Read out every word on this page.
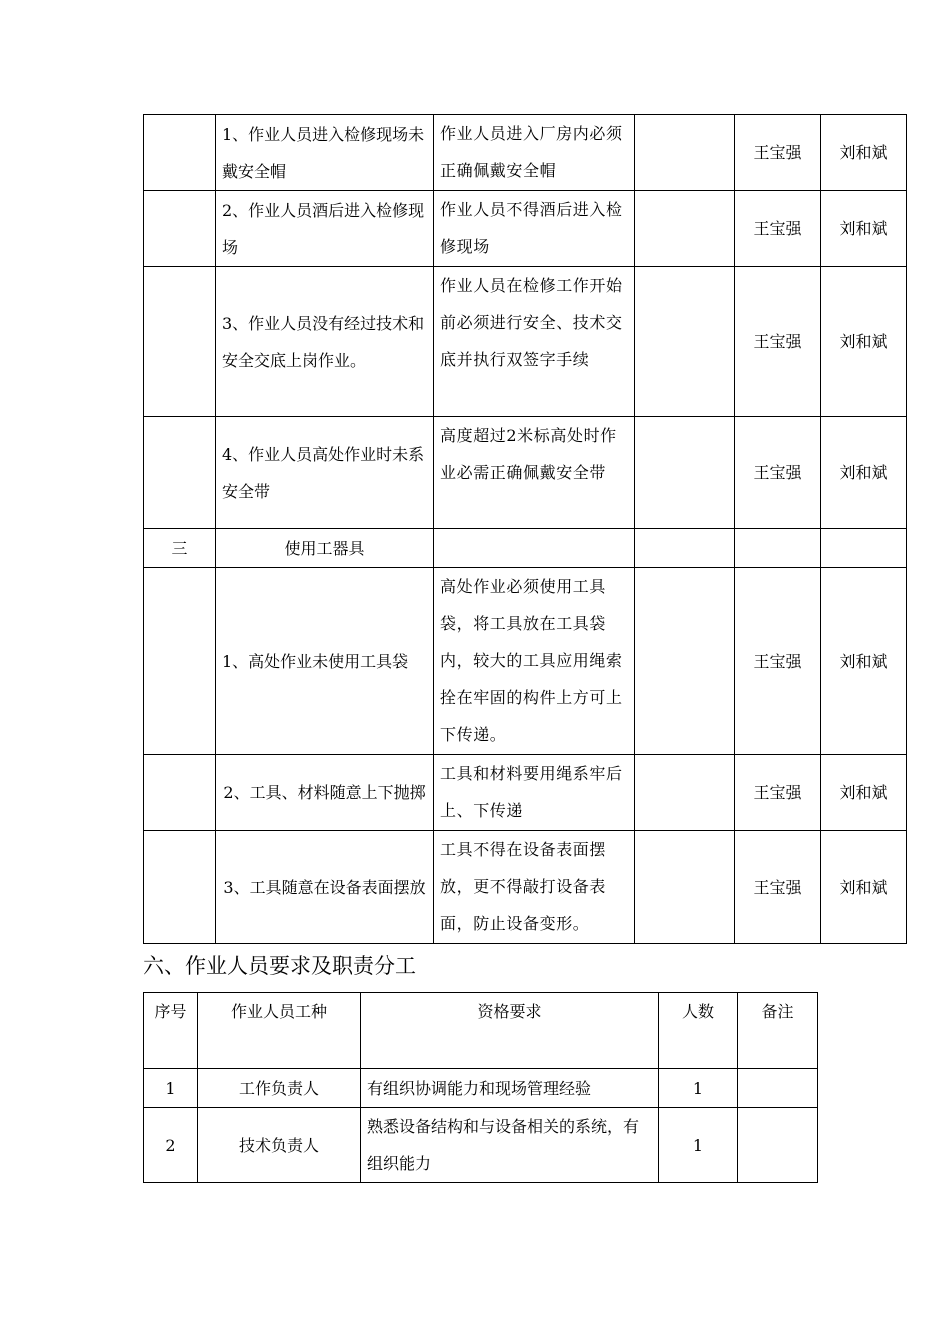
	1、作业人员进入检修现场未戴安全帽	作业人员进入厂房内必须正确佩戴安全帽		王宝强	刘和斌
	2、作业人员酒后进入检修现场	作业人员不得酒后进入检修现场		王宝强	刘和斌
	3、作业人员没有经过技术和安全交底上岗作业。	作业人员在检修工作开始前必须进行安全、技术交底并执行双签字手续		王宝强	刘和斌
	4、作业人员高处作业时未系安全带	高度超过2米标高处时作业必需正确佩戴安全带		王宝强	刘和斌
三	使用工器具				
	1、高处作业未使用工具袋	高处作业必须使用工具袋，将工具放在工具袋内，较大的工具应用绳索拴在牢固的构件上方可上下传递。		王宝强	刘和斌
	2、工具、材料随意上下抛掷	工具和材料要用绳系牢后上、下传递		王宝强	刘和斌
	3、工具随意在设备表面摆放	工具不得在设备表面摆放，更不得敲打设备表面，防止设备变形。		王宝强	刘和斌
六、作业人员要求及职责分工
序号	作业人员工种	资格要求	人数	备注
1	工作负责人	有组织协调能力和现场管理经验	1	
2	技术负责人	熟悉设备结构和与设备相关的系统，有组织能力	1	
